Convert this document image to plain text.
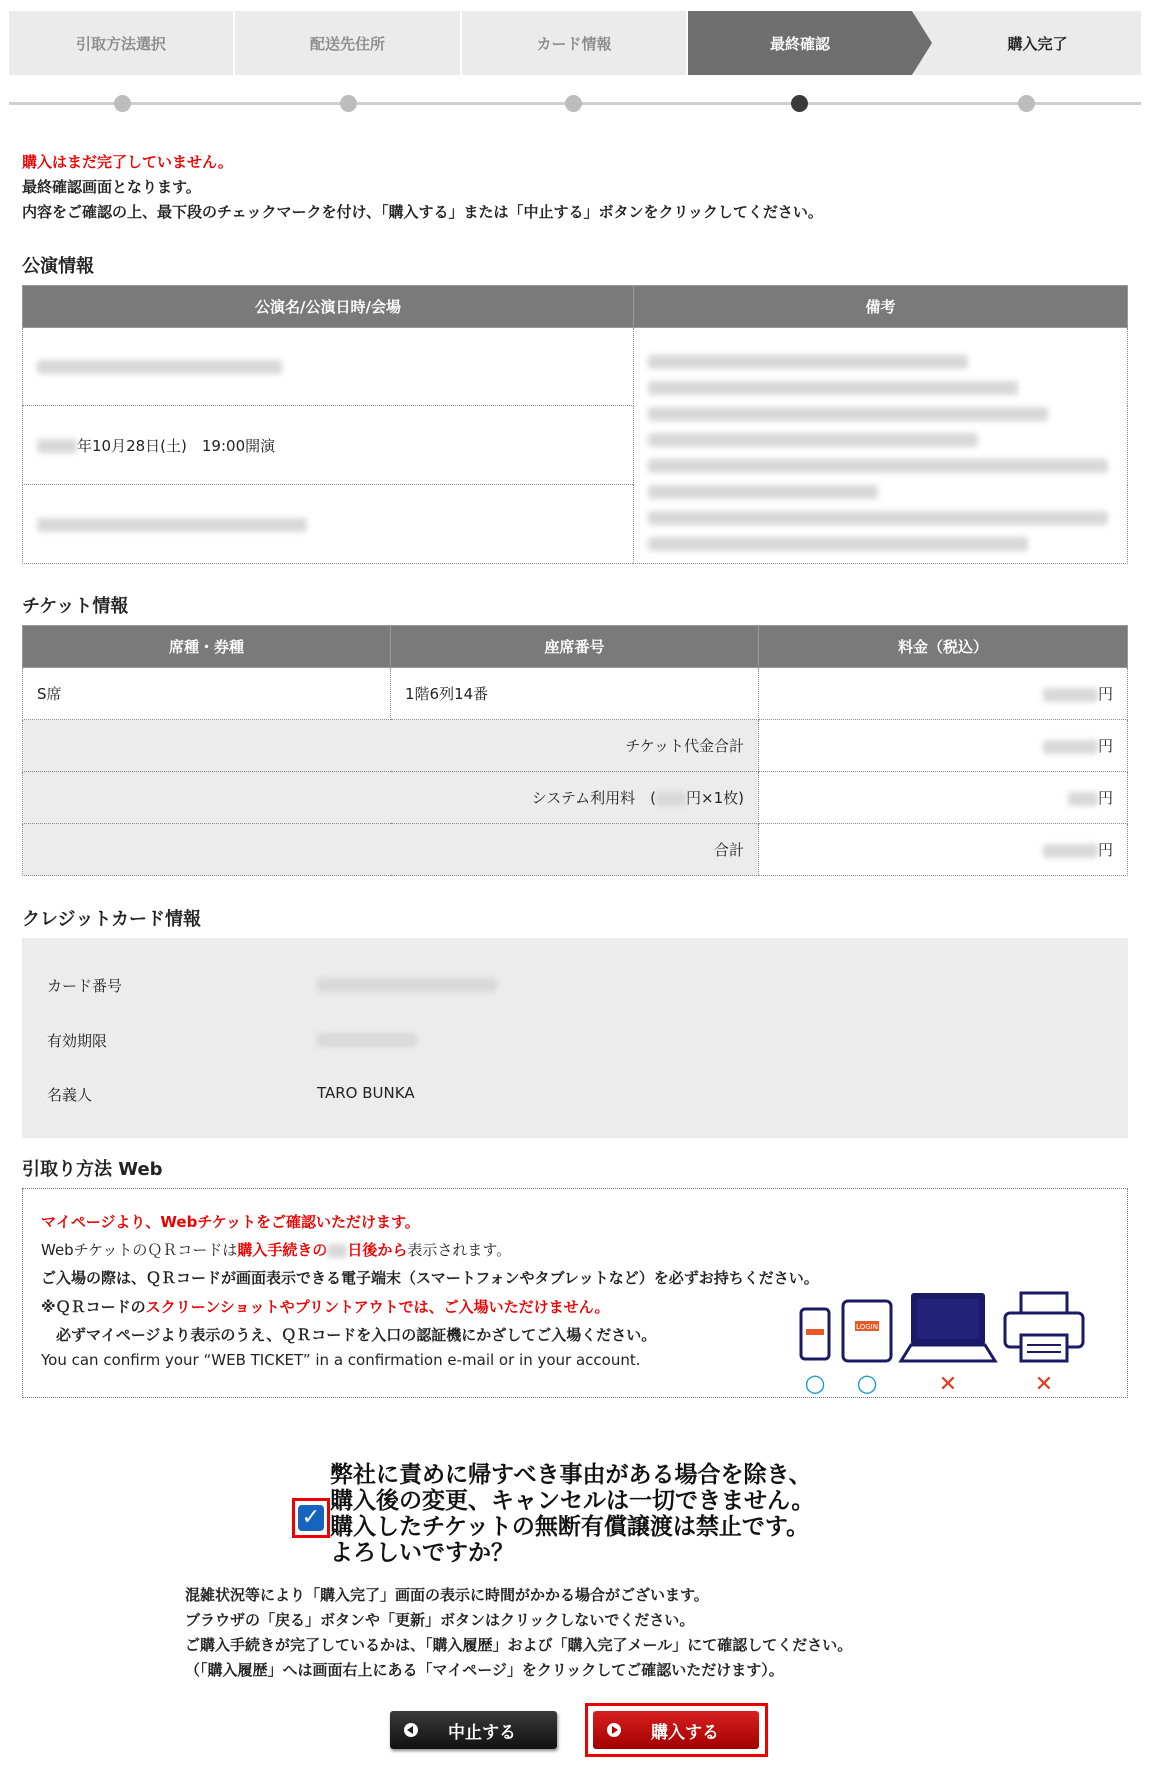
引取方法選択	配送先住所	カード情報	最終確認	購入完了
購入はまだ完了していません。
最終確認画面となります。
内容をご確認の上、最下段のチェックマークを付け、「購入する」または「中止する」ボタンをクリックしてください。
公演情報
公演名/公演日時/会場	備考

年10月28日(土)　19:00開演	

チケット情報
席種・券種	座席番号	料金（税込）
S席	1階6列14番	円
チケット代金合計		円
システム利用料　( 円×1枚)		円
合計		円
クレジットカード情報
カード番号
有効期限
名義人	TARO BUNKA
引取り方法 Web
マイページより、Webチケットをご確認いただけます。
WebチケットのＱＲコードは購入手続きの 日後から表示されます。
ご入場の際は、ＱＲコードが画面表示できる電子端末（スマートフォンやタブレットなど）を必ずお持ちください。
※ＱＲコードのスクリーンショットやプリントアウトでは、ご入場いただけません。
　必ずマイページより表示のうえ、ＱＲコードを入口の認証機にかざしてご入場ください。
You can confirm your “WEB TICKET” in a confirmation e-mail or in your account.
LOGIN
○ ○	✕	✕
✓
弊社に責めに帰すべき事由がある場合を除き、
購入後の変更、キャンセルは一切できません。
購入したチケットの無断有償譲渡は禁止です。
よろしいですか？
混雑状況等により「購入完了」画面の表示に時間がかかる場合がございます。
ブラウザの「戻る」ボタンや「更新」ボタンはクリックしないでください。
ご購入手続きが完了しているかは、「購入履歴」および「購入完了メール」にて確認してください。
（「購入履歴」へは画面右上にある「マイページ」をクリックしてご確認いただけます）。
中止する	購入する
